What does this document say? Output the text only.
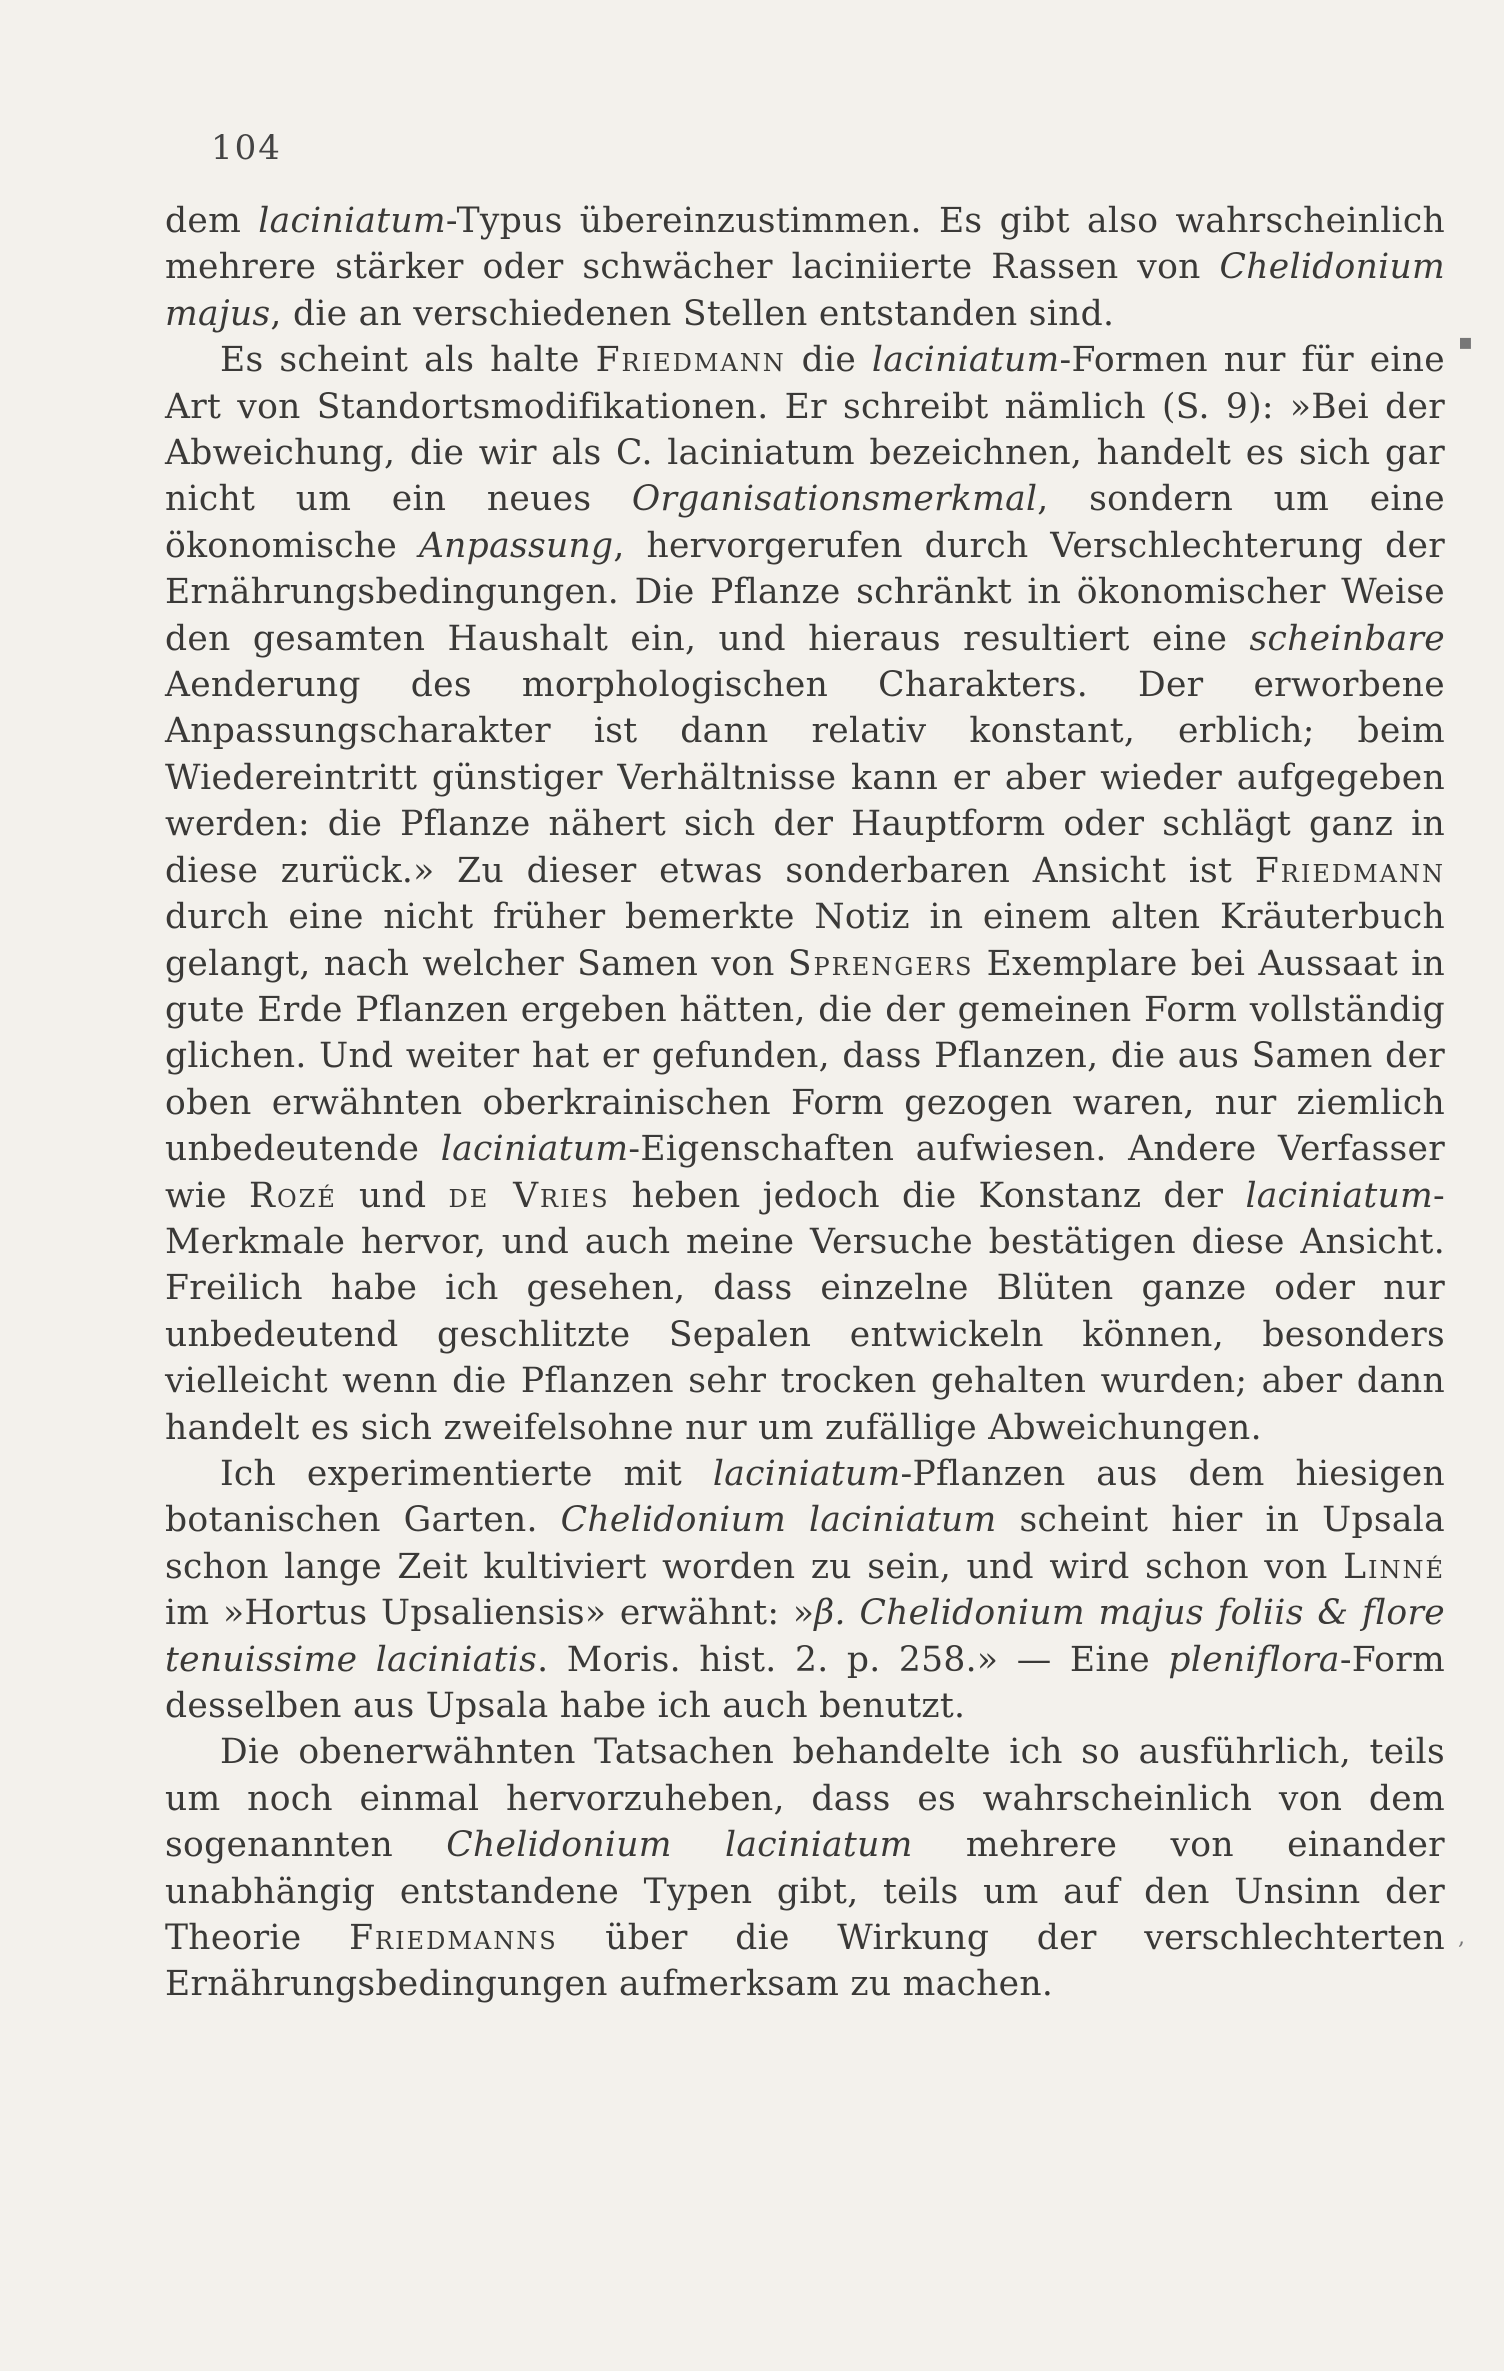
104

dem laciniatum-Typus übereinzustimmen. Es gibt also wahrscheinlich mehrere stärker oder schwächer laciniierte Rassen von Chelidonium majus, die an verschiedenen Stellen entstanden sind.

Es scheint als halte Friedmann die laciniatum-Formen nur für eine Art von Standortsmodifikationen. Er schreibt nämlich (S. 9): »Bei der Abweichung, die wir als C. laciniatum bezeichnen, handelt es sich gar nicht um ein neues Organisationsmerkmal, sondern um eine ökonomische Anpassung, hervorgerufen durch Verschlechterung der Ernährungsbedingungen. Die Pflanze schränkt in ökonomischer Weise den gesamten Haushalt ein, und hieraus resultiert eine scheinbare Aenderung des morphologischen Charakters. Der erworbene Anpassungscharakter ist dann relativ konstant, erblich; beim Wiedereintritt günstiger Verhältnisse kann er aber wieder aufgegeben werden: die Pflanze nähert sich der Hauptform oder schlägt ganz in diese zurück.» Zu dieser etwas sonderbaren Ansicht ist Friedmann durch eine nicht früher bemerkte Notiz in einem alten Kräuterbuch gelangt, nach welcher Samen von Sprengers Exemplare bei Aussaat in gute Erde Pflanzen ergeben hätten, die der gemeinen Form vollständig glichen. Und weiter hat er gefunden, dass Pflanzen, die aus Samen der oben erwähnten oberkrainischen Form gezogen waren, nur ziemlich unbedeutende laciniatum-Eigenschaften aufwiesen. Andere Verfasser wie Rozé und de Vries heben jedoch die Konstanz der laciniatum-Merkmale hervor, und auch meine Versuche bestätigen diese Ansicht. Freilich habe ich gesehen, dass einzelne Blüten ganze oder nur unbedeutend geschlitzte Sepalen entwickeln können, besonders vielleicht wenn die Pflanzen sehr trocken gehalten wurden; aber dann handelt es sich zweifelsohne nur um zufällige Abweichungen.

Ich experimentierte mit laciniatum-Pflanzen aus dem hiesigen botanischen Garten. Chelidonium laciniatum scheint hier in Upsala schon lange Zeit kultiviert worden zu sein, und wird schon von Linné im »Hortus Upsaliensis» erwähnt: »β. Chelidonium majus foliis & flore tenuissime laciniatis. Moris. hist. 2. p. 258.» — Eine pleniflora-Form desselben aus Upsala habe ich auch benutzt.

Die obenerwähnten Tatsachen behandelte ich so ausführlich, teils um noch einmal hervorzuheben, dass es wahrscheinlich von dem sogenannten Chelidonium laciniatum mehrere von einander unabhängig entstandene Typen gibt, teils um auf den Unsinn der Theorie Friedmanns über die Wirkung der verschlechterten Ernährungsbedingungen aufmerksam zu machen.

▪
,
